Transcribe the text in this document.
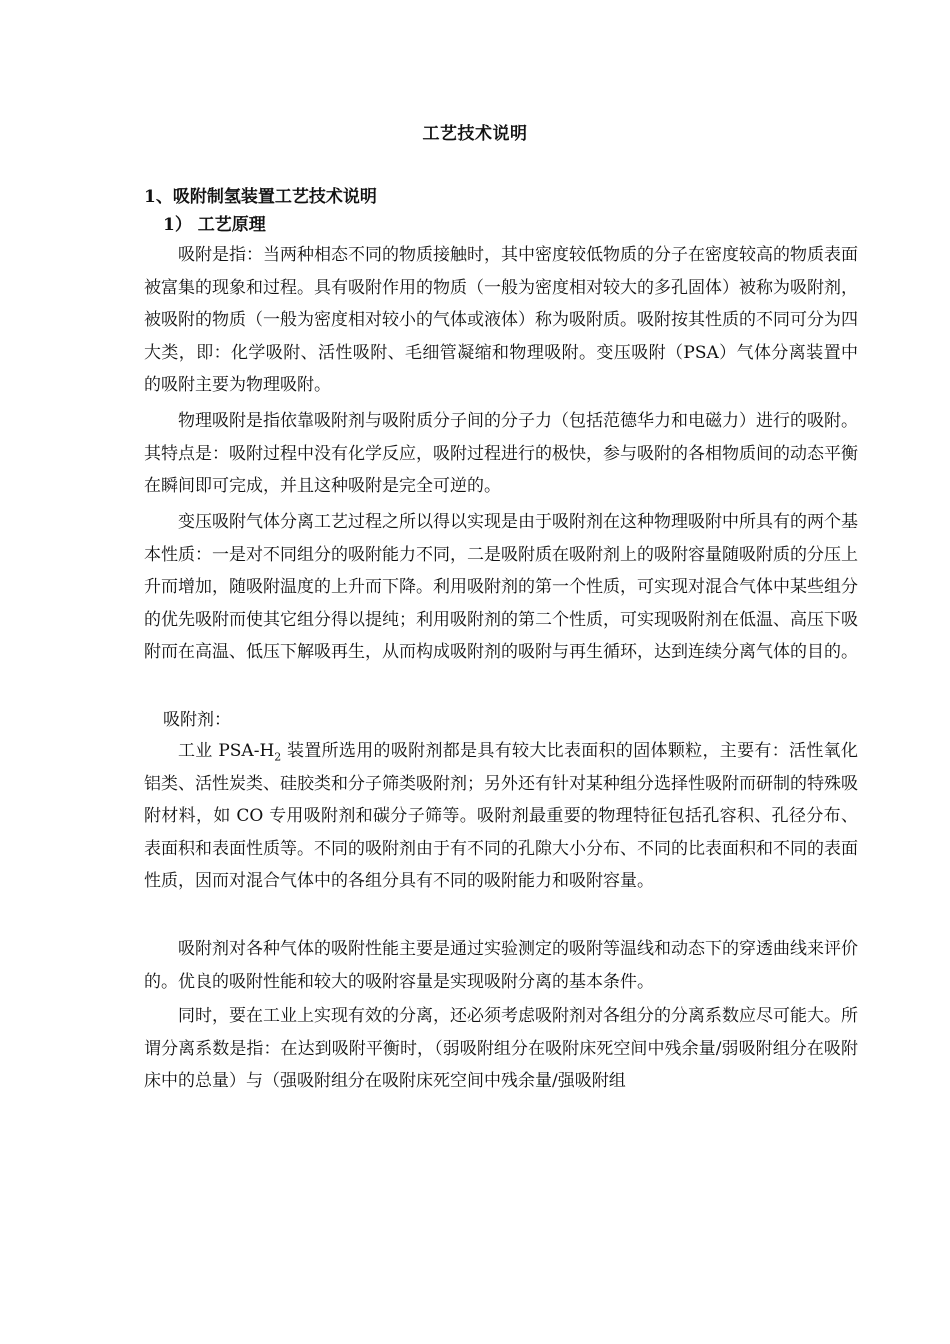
工艺技术说明
1、吸附制氢装置工艺技术说明
1） 工艺原理
吸附是指：当两种相态不同的物质接触时，其中密度较低物质的分子在密度较高的物质表面被富集的现象和过程。具有吸附作用的物质（一般为密度相对较大的多孔固体）被称为吸附剂，被吸附的物质（一般为密度相对较小的气体或液体）称为吸附质。吸附按其性质的不同可分为四大类，即：化学吸附、活性吸附、毛细管凝缩和物理吸附。变压吸附（PSA）气体分离装置中的吸附主要为物理吸附。
物理吸附是指依靠吸附剂与吸附质分子间的分子力（包括范德华力和电磁力）进行的吸附。其特点是：吸附过程中没有化学反应，吸附过程进行的极快，参与吸附的各相物质间的动态平衡在瞬间即可完成，并且这种吸附是完全可逆的。
变压吸附气体分离工艺过程之所以得以实现是由于吸附剂在这种物理吸附中所具有的两个基本性质：一是对不同组分的吸附能力不同，二是吸附质在吸附剂上的吸附容量随吸附质的分压上升而增加，随吸附温度的上升而下降。利用吸附剂的第一个性质，可实现对混合气体中某些组分的优先吸附而使其它组分得以提纯；利用吸附剂的第二个性质，可实现吸附剂在低温、高压下吸附而在高温、低压下解吸再生，从而构成吸附剂的吸附与再生循环，达到连续分离气体的目的。
吸附剂：
工业 PSA-$H_2$ 装置所选用的吸附剂都是具有较大比表面积的固体颗粒，主要有：活性氧化铝类、活性炭类、硅胶类和分子筛类吸附剂；另外还有针对某种组分选择性吸附而研制的特殊吸附材料，如 CO 专用吸附剂和碳分子筛等。吸附剂最重要的物理特征包括孔容积、孔径分布、表面积和表面性质等。不同的吸附剂由于有不同的孔隙大小分布、不同的比表面积和不同的表面性质，因而对混合气体中的各组分具有不同的吸附能力和吸附容量。
吸附剂对各种气体的吸附性能主要是通过实验测定的吸附等温线和动态下的穿透曲线来评价的。优良的吸附性能和较大的吸附容量是实现吸附分离的基本条件。
同时，要在工业上实现有效的分离，还必须考虑吸附剂对各组分的分离系数应尽可能大。所谓分离系数是指：在达到吸附平衡时，（弱吸附组分在吸附床死空间中残余量/弱吸附组分在吸附床中的总量）与（强吸附组分在吸附床死空间中残余量/强吸附组
